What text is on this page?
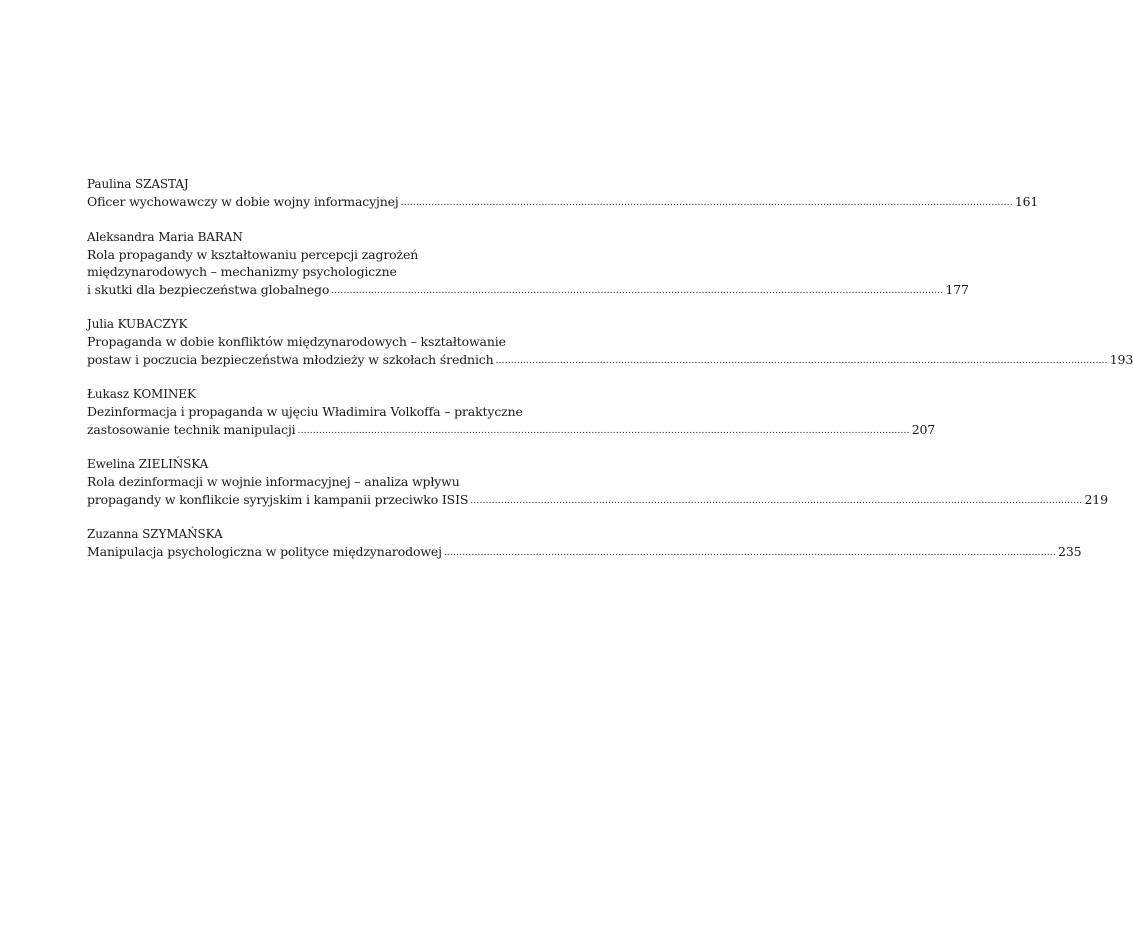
Paulina SZASTAJ
Oficer wychowawczy w dobie wojny informacyjnej ........................................................................................................................................................................................................ 161
Aleksandra Maria BARAN
Rola propagandy w kształtowaniu percepcji zagrożeń
międzynarodowych – mechanizmy psychologiczne
i skutki dla bezpieczeństwa globalnego ........................................................................................................................................................................................................ 177
Julia KUBACZYK
Propaganda w dobie konfliktów międzynarodowych – kształtowanie
postaw i poczucia bezpieczeństwa młodzieży w szkołach średnich ........................................................................................................................................................................................................ 193
Łukasz KOMINEK
Dezinformacja i propaganda w ujęciu Władimira Volkoffa – praktyczne
zastosowanie technik manipulacji ........................................................................................................................................................................................................ 207
Ewelina ZIELIŃSKA
Rola dezinformacji w wojnie informacyjnej – analiza wpływu
propagandy w konflikcie syryjskim i kampanii przeciwko ISIS ........................................................................................................................................................................................................ 219
Zuzanna SZYMAŃSKA
Manipulacja psychologiczna w polityce międzynarodowej ........................................................................................................................................................................................................ 235
